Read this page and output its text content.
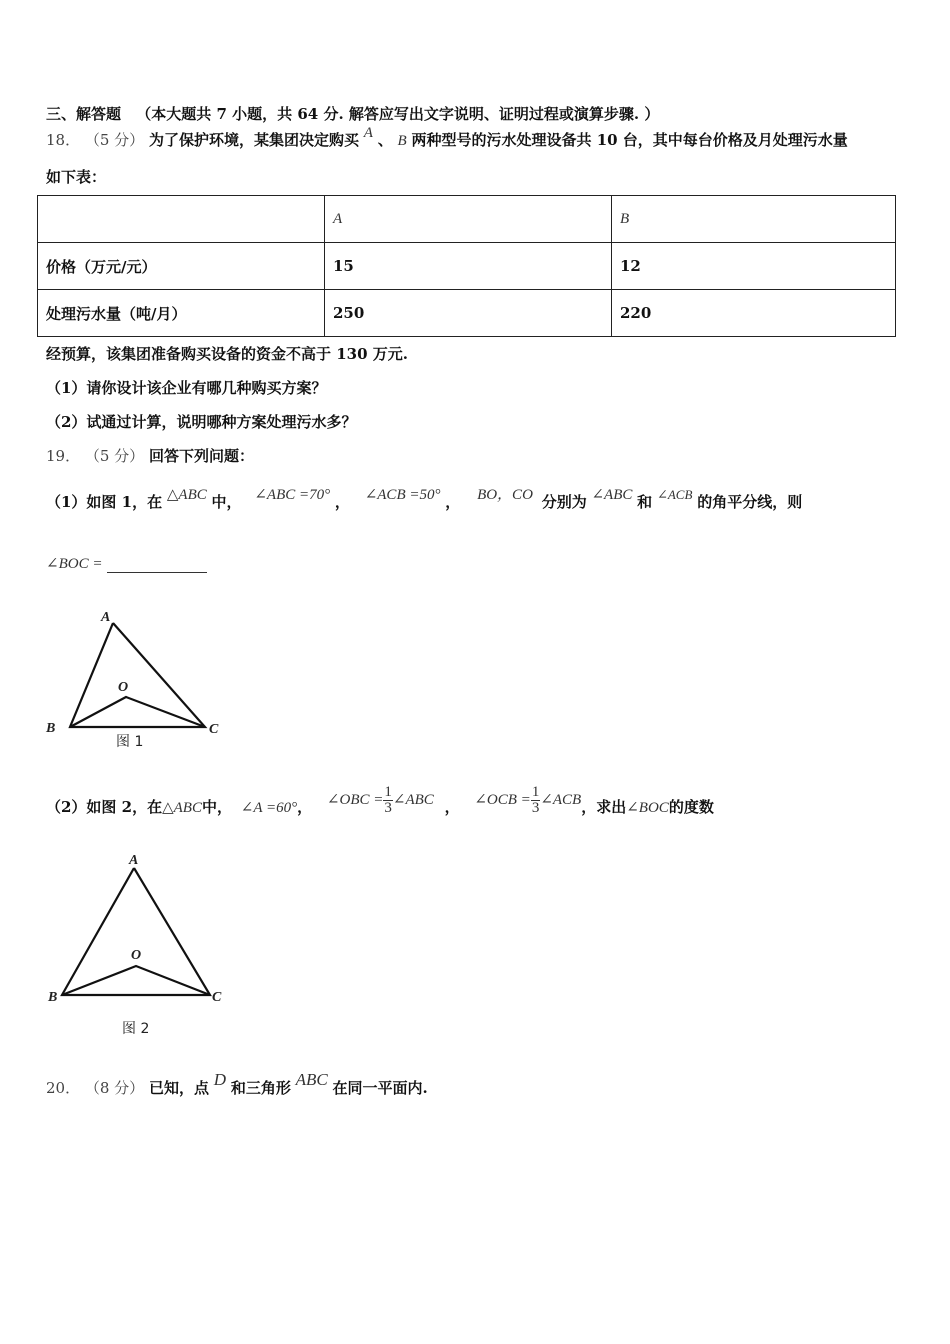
三、解答题 （本大题共 7 小题，共 64 分. 解答应写出文字说明、证明过程或演算步骤. ）
18． （5 分） 为了保护环境，某集团决定购买 A 、 B 两种型号的污水处理设备共 10 台，其中每台价格及月处理污水量
如下表：
	A	B
价格（万元/元）	15	12
处理污水量（吨/月）	250	220
经预算，该集团准备购买设备的资金不高于 130 万元.
（1）请你设计该企业有哪几种购买方案？
（2）试通过计算，说明哪种方案处理污水多？
19． （5 分） 回答下列问题：
（1）如图 1，在 △ABC 中， ∠ABC =70° ， ∠ACB =50° ， BO，CO 分别为 ∠ABC 和 ∠ACB 的角平分线，则
∠BOC =
A
B	C
O
图 1
（2）如图 2，在△ABC中， ∠A =60°， ∠OBC = $\frac{1}{3}$ ∠ABC ， ∠OCB = $\frac{1}{3}$ ∠ACB，求出∠BOC的度数
A
B	C
O
图 2
20． （8 分） 已知，点 D 和三角形 ABC 在同一平面内.
